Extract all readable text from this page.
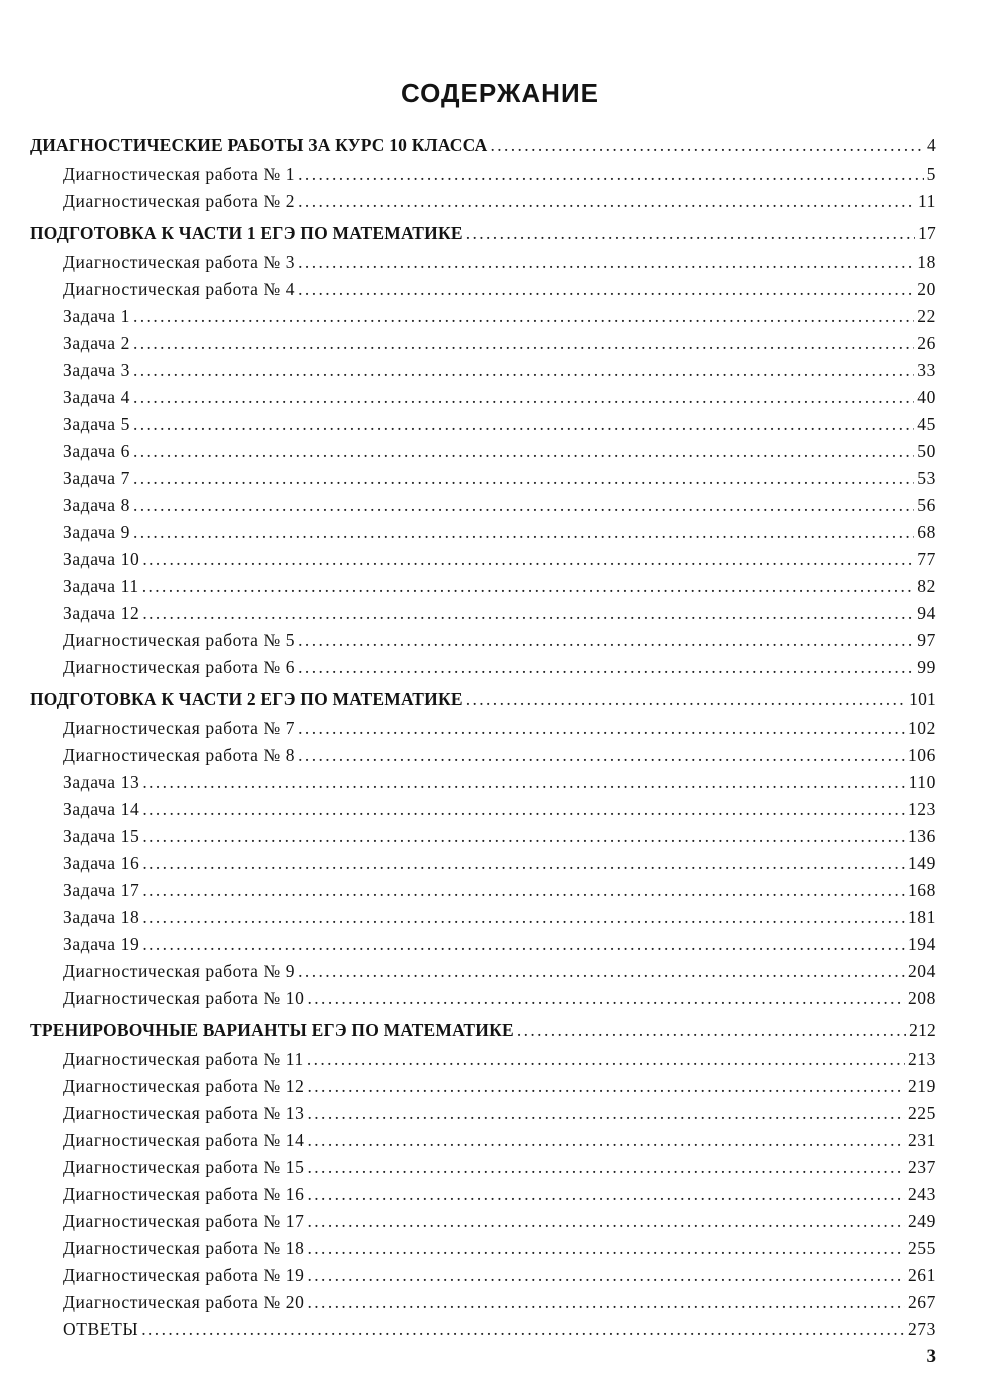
СОДЕРЖАНИЕ
ДИАГНОСТИЧЕСКИЕ РАБОТЫ ЗА КУРС 10 КЛАССА .....	4
Диагностическая работа № 1 .....	5
Диагностическая работа № 2 .....	11
ПОДГОТОВКА К ЧАСТИ 1 ЕГЭ ПО МАТЕМАТИКЕ .....	17
Диагностическая работа № 3 .....	18
Диагностическая работа № 4 .....	20
Задача 1 .....	22
Задача 2 .....	26
Задача 3 .....	33
Задача 4 .....	40
Задача 5 .....	45
Задача 6 .....	50
Задача 7 .....	53
Задача 8 .....	56
Задача 9 .....	68
Задача 10 .....	77
Задача 11 .....	82
Задача 12 .....	94
Диагностическая работа № 5 .....	97
Диагностическая работа № 6 .....	99
ПОДГОТОВКА К ЧАСТИ 2 ЕГЭ ПО МАТЕМАТИКЕ .....	101
Диагностическая работа № 7 .....	102
Диагностическая работа № 8 .....	106
Задача 13 .....	110
Задача 14 .....	123
Задача 15 .....	136
Задача 16 .....	149
Задача 17 .....	168
Задача 18 .....	181
Задача 19 .....	194
Диагностическая работа № 9 .....	204
Диагностическая работа № 10 .....	208
ТРЕНИРОВОЧНЫЕ ВАРИАНТЫ ЕГЭ ПО МАТЕМАТИКЕ .....	212
Диагностическая работа № 11 .....	213
Диагностическая работа № 12 .....	219
Диагностическая работа № 13 .....	225
Диагностическая работа № 14 .....	231
Диагностическая работа № 15 .....	237
Диагностическая работа № 16 .....	243
Диагностическая работа № 17 .....	249
Диагностическая работа № 18 .....	255
Диагностическая работа № 19 .....	261
Диагностическая работа № 20 .....	267
ОТВЕТЫ .....	273
3
